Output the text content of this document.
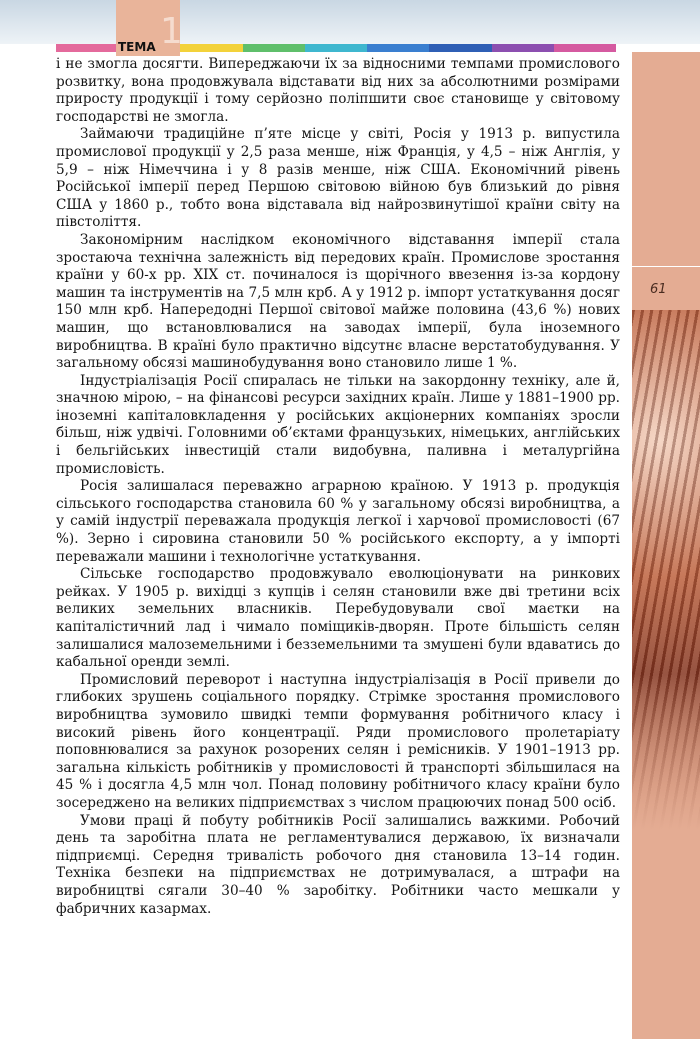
1
ТЕМА
61

і не змогла досягти. Випереджаючи їх за відносними темпами промислового розвитку, вона продовжувала відставати від них за абсолютними розмірами приросту продукції і тому серйозно поліпшити своє становище у світовому господарстві не змогла.

Займаючи традиційне п’яте місце у світі, Росія у 1913 р. випустила промислової продукції у 2,5 раза менше, ніж Франція, у 4,5 – ніж Англія, у 5,9 – ніж Німеччина і у 8 разів менше, ніж США. Економічний рівень Російської імперії перед Першою світовою війною був близький до рівня США у 1860 р., тобто вона відставала від найрозвинутішої країни світу на півстоліття.

Закономірним наслідком економічного відставання імперії стала зростаюча технічна залежність від передових країн. Промислове зростання країни у 60-х рр. XIX ст. починалося із щорічного ввезення із-за кордону машин та інструментів на 7,5 млн крб. А у 1912 р. імпорт устаткування досяг 150 млн крб. Напередодні Першої світової майже половина (43,6 %) нових машин, що встановлювалися на заводах імперії, була іноземного виробництва. В країні було практично відсутнє власне верстатобудування. У загальному обсязі машинобудування воно становило лише 1 %.

Індустріалізація Росії спиралась не тільки на закордонну техніку, але й, значною мірою, – на фінансові ресурси західних країн. Лише у 1881–1900 рр. іноземні капіталовкладення у російських акціонерних компаніях зросли більш, ніж удвічі. Головними об’єктами французьких, німецьких, англійських і бельгійських інвестицій стали видобувна, паливна і металургійна промисловість.

Росія залишалася переважно аграрною країною. У 1913 р. продукція сільського господарства становила 60 % у загальному обсязі виробництва, а у самій індустрії переважала продукція легкої і харчової промисловості (67 %). Зерно і сировина становили 50 % російського експорту, а у імпорті переважали машини і технологічне устаткування.

Сільське господарство продовжувало еволюціонувати на ринкових рейках. У 1905 р. вихідці з купців і селян становили вже дві третини всіх великих земельних власників. Перебудовували свої маєтки на капіталістичний лад і чимало поміщиків-дворян. Проте більшість селян залишалися малоземельними і безземельними та змушені були вдаватись до кабальної оренди землі.

Промисловий переворот і наступна індустріалізація в Росії привели до глибоких зрушень соціального порядку. Стрімке зростання промислового виробництва зумовило швидкі темпи формування робітничого класу і високий рівень його концентрації. Ряди промислового пролетаріату поповнювалися за рахунок розорених селян і ремісників. У 1901–1913 рр. загальна кількість робітників у промисловості й транспорті збільшилася на 45 % і досягла 4,5 млн чол. Понад половину робітничого класу країни було зосереджено на великих підприємствах з числом працюючих понад 500 осіб.

Умови праці й побуту робітників Росії залишались важкими. Робочий день та заробітна плата не регламентувалися державою, їх визначали підприємці. Середня тривалість робочого дня становила 13–14 годин. Техніка безпеки на підприємствах не дотримувалася, а штрафи на виробництві сягали 30–40 % заробітку. Робітники часто мешкали у фабричних казармах.
